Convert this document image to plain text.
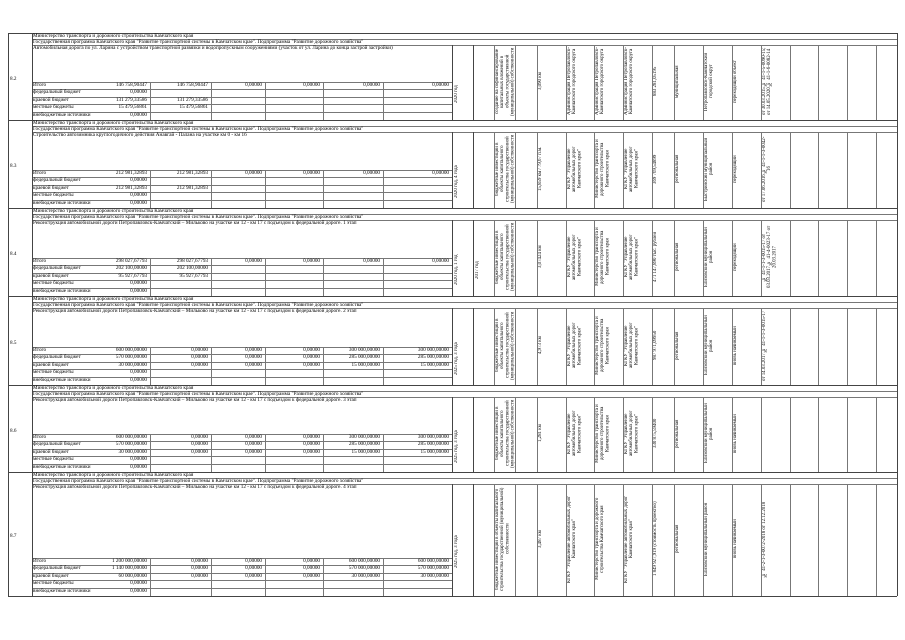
Министерство транспорта и дорожного строительства Камчатского края
Государственная программа Камчатского края "Развитие транспортной системы в Камчатском крае". Подпрограмма "Развитие дорожного хозяйства"
Автомобильная дорога по ул. Ларина с устройством транспортной развязки и водопропускным сооружениями (участок от ул. Ларина до конца застрой застройки)
8.2
Итого	146 758,90447	146 758,90447	0,00000	0,00000	0,00000	0,00000
федеральный бюджет	0,00000
краевой бюджет	131 279,33586	131 279,33586
местные бюджеты	15 479,56861	15 479,56861
внебюджетные источники	0,00000
2020 год	создание на софинансирование капитальных вложений в объекты государственной (муниципальной) собственности	3,090 км	Администрация Петропавловск-Камчатского городского округа	Администрация Петропавловск-Камчатского городского округа	Администрация Петропавловск-Камчатского городского округа	883 281,05195	муниципальная	Петропавловск-Камчатский городской округ	переходящий объект	от 30.03.2015 № 41-1-5-0090-15; от 14.05.2020 № 41-1-6-0082-14
Министерство транспорта и дорожного строительства Камчатского края
Государственная программа Камчатского края "Развитие транспортной системы в Камчатском крае". Подпрограмма "Развитие дорожного хозяйства"
Строительство автозимника круглогодичного действия Анавгай - Палана на участке км 0 - км 16
8.3
Итого	212 981,32893	212 981,32893	0,00000	0,00000	0,00000	0,00000
федеральный бюджет	0,00000
краевой бюджет	212 981,32893	212 981,32893
местные бюджеты	0,00000
внебюджетные источники	0,00000
2020 год, 4 года	бюджетные инвестиции в объекты капитального строительства государственной (муниципальной) собственности	15,859 км / 79,67 п.м.	КГКУ "Управление автомобильных дорог Камчатского края"	Министерство транспорта и дорожного строительства Камчатского края	КГКУ "Управление автомобильных дорог Камчатского края"	369 769,54899	региональная	Быстринский муниципальный район	переходящий	от 17.06.2016 № 41-1-1-3-0042-16
Министерство транспорта и дорожного строительства Камчатского края
Государственная программа Камчатского края "Развитие транспортной системы в Камчатском крае". Подпрограмма "Развитие дорожного хозяйства"
Реконструкция автомобильной дороги Петропавловск-Камчатский – Мильково на участке км 12 - км 17 с подъездом к федеральной дороге. 1 этап
8.4
Итого	298 027,67793	298 027,67793	0,00000	0,00000	0,00000	0,00000
федеральный бюджет	202 100,00000	202 100,00000
краевой бюджет	95 927,67793	95 927,67793
местные бюджеты	0,00000
внебюджетные источники	0,00000
2020 год, 1 год	2017 год	бюджетные инвестиции в объекты капитального строительства государственной (муниципальной) собственности	3,07424 км	КГКУ "Управление автомобильных дорог Камчатского края"	Министерство транспорта и дорожного строительства Камчатского края	КГКУ "Управление автомобильных дорог Камчатского края"	471 147,890 тыс. рублей	региональная	Елизовский муниципальный район	переходящий	№ 41-1-1-3-0015-17 от 03.03.2017 № 41-4-0023-17 от 20.03.2017
Министерство транспорта и дорожного строительства Камчатского края
Государственная программа Камчатского края "Развитие транспортной системы в Камчатском крае". Подпрограмма "Развитие дорожного хозяйства"
Реконструкция автомобильной дороги Петропавловск-Камчатский – Мильково на участке км 12 - км 17 с подъездом к федеральной дороге. 2 этап
8.5
Итого	600 000,00000	0,00000	0,00000	0,00000	300 000,00000	300 000,00000
федеральный бюджет	570 000,00000	0,00000	0,00000	0,00000	285 000,00000	285 000,00000
краевой бюджет	30 000,00000	0,00000	0,00000	0,00000	15 000,00000	15 000,00000
местные бюджеты	0,00000
внебюджетные источники	0,00000
2025 год, 3 года	бюджетные инвестиции в объекты капитального строительства государственной (муниципальной) собственности	4,973 км	КГКУ "Управление автомобильных дорог Камчатского края"	Министерство транспорта и дорожного строительства Камчатского края	КГКУ "Управление автомобильных дорог Камчатского края"	987 971,09950	региональная	Елизовский муниципальный район	вновь начинаемый	от 14.03.2017 № 41-1-1-3-0015-17
Министерство транспорта и дорожного строительства Камчатского края
Государственная программа Камчатского края "Развитие транспортной системы в Камчатском крае". Подпрограмма "Развитие дорожного хозяйства"
Реконструкция автомобильной дороги Петропавловск-Камчатский – Мильково на участке км 12 - км 17 с подъездом к федеральной дороге. 3 этап
8.6
Итого	600 000,00000	0,00000	0,00000	0,00000	300 000,00000	300 000,00000
федеральный бюджет	570 000,00000	0,00000	0,00000	0,00000	285 000,00000	285 000,00000
краевой бюджет	30 000,00000	0,00000	0,00000	0,00000	15 000,00000	15 000,00000
местные бюджеты	0,00000
внебюджетные источники	0,00000
2025 год, 3 года	бюджетные инвестиции в объекты капитального строительства государственной (муниципальной) собственности	1,281 км	КГКУ "Управление автомобильных дорог Камчатского края"	Министерство транспорта и дорожного строительства Камчатского края	КГКУ "Управление автомобильных дорог Камчатского края"	330 875,59400	региональная	Елизовский муниципальный район	вновь начинаемый
Министерство транспорта и дорожного строительства Камчатского края
Государственная программа Камчатского края "Развитие транспортной системы в Камчатском крае". Подпрограмма "Развитие дорожного хозяйства"
Реконструкция автомобильной дороги Петропавловск-Камчатский – Мильково на участке км 12 - км 17 с подъездом к федеральной дороге. 4 этап
8.7
Итого	1 200 000,00000	0,00000	0,00000	0,00000	600 000,00000	600 000,00000
федеральный бюджет	1 140 000,00000	0,00000	0,00000	0,00000	570 000,00000	570 000,00000
краевой бюджет	60 000,00000	0,00000	0,00000	0,00000	30 000,00000	30 000,00000
местные бюджеты	0,00000
внебюджетные источники	0,00000
2025 год, 3 года	бюджетные инвестиции в объекты капитального строительства государственной (муниципальной) собственности	3,487 км	КГКУ "Управление автомобильных дорог Камчатского края"	Министерство транспорта и дорожного строительства Камчатского края	КГКУ "Управление автомобильных дорог Камчатского края"	1 849 927,919 (стоимость проектно)	региональная	Елизовский муниципальный район	вновь начинаемый	№ 41-2-1-3-0072-2018 от 12.12.2018
